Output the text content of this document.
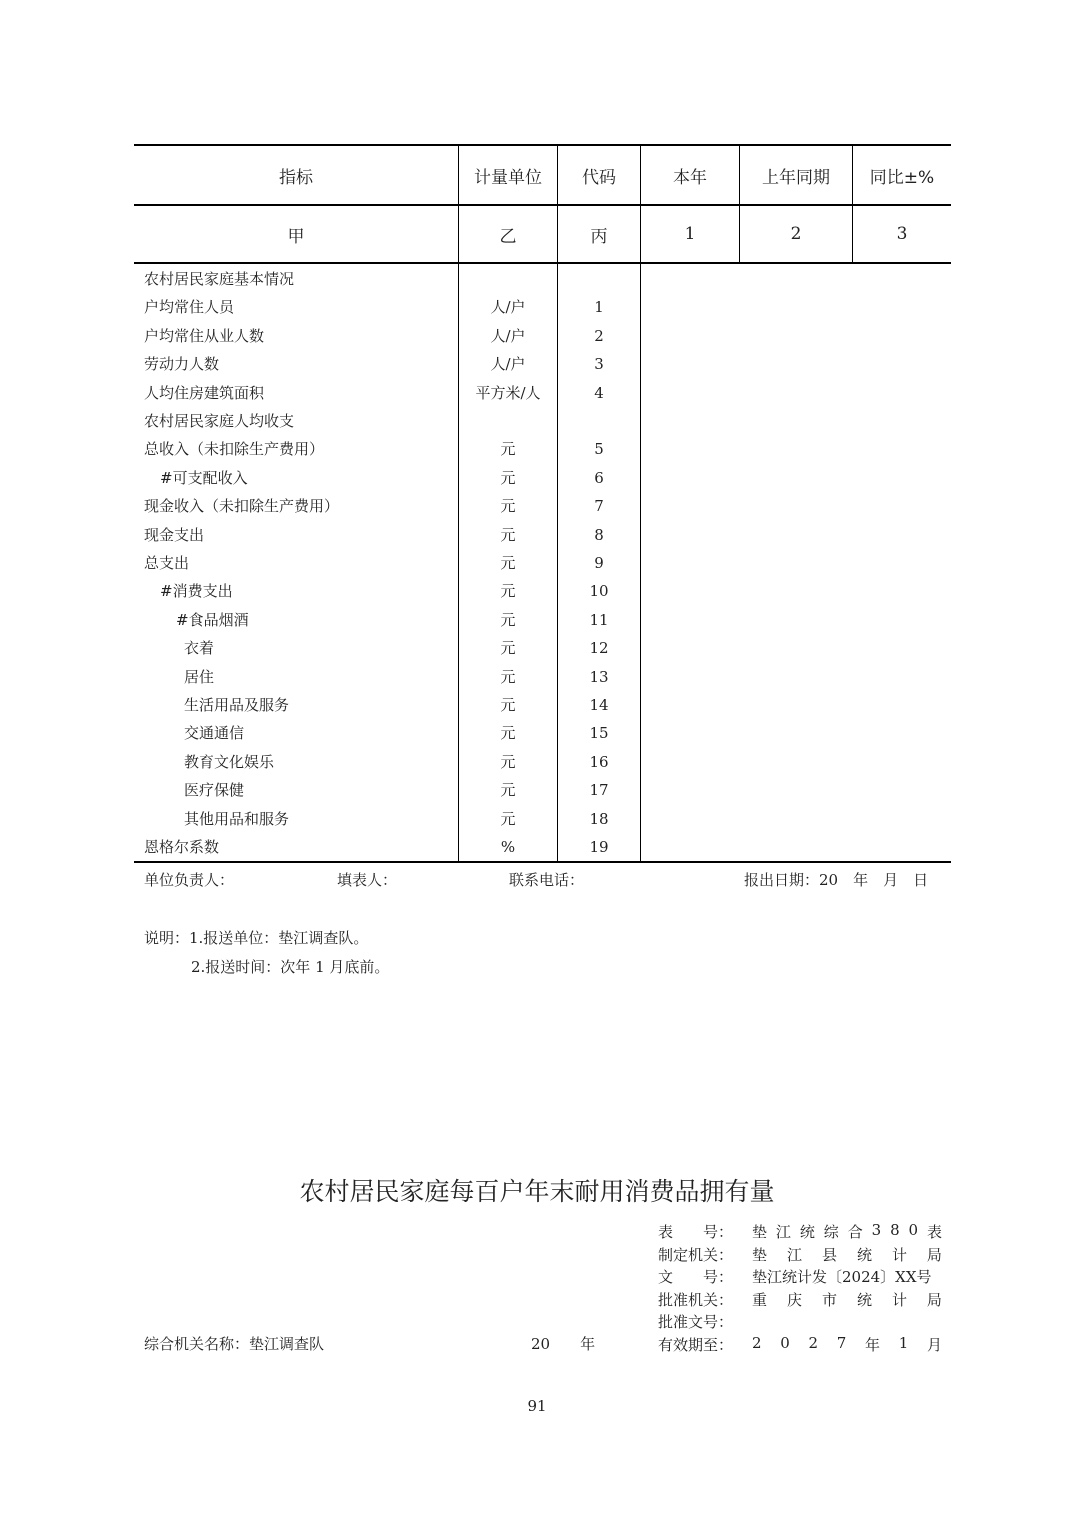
指标	计量单位	代码	本年	上年同期	同比±%
甲	乙	丙	1	2	3
农村居民家庭基本情况
户均常住人员	人/户	1
户均常住从业人数	人/户	2
劳动力人数	人/户	3
人均住房建筑面积	平方米/人	4
农村居民家庭人均收支
总收入（未扣除生产费用）	元	5
#可支配收入	元	6
现金收入（未扣除生产费用）	元	7
现金支出	元	8
总支出	元	9
#消费支出	元	10
#食品烟酒	元	11
衣着	元	12
居住	元	13
生活用品及服务	元	14
交通通信	元	15
教育文化娱乐	元	16
医疗保健	元	17
其他用品和服务	元	18
恩格尔系数	%	19
单位负责人：	填表人：	联系电话：	报出日期：20　年　月　日
说明：1.报送单位：垫江调查队。
2.报送时间：次年 1 月底前。
农村居民家庭每百户年末耐用消费品拥有量
表　　号： 垫 江 统 综 合 3 8 0 表
制定机关： 垫 江 县 统 计 局
文　　号： 垫江统计发〔2024〕XX号
批准机关： 重 庆 市 统 计 局
批准文号：
有效期至： 2 0 2 7 年 1 月
综合机关名称：垫江调查队	20　　年
91
